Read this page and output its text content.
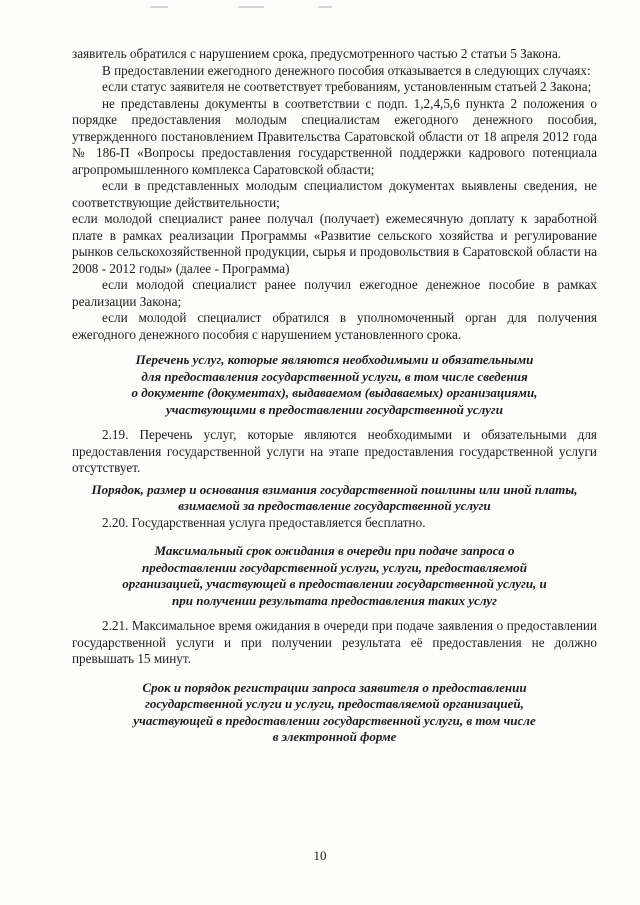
заявитель обратился с нарушением срока, предусмотренного частью 2 статьи 5 Закона.

В предоставлении ежегодного денежного пособия отказывается в следующих случаях:

если статус заявителя не соответствует требованиям, установленным статьей 2 Закона;

не представлены документы в соответствии с подп. 1,2,4,5,6 пункта 2 положения о порядке предоставления молодым специалистам ежегодного денежного пособия, утвержденного постановлением Правительства Саратовской области от 18 апреля 2012 года № 186-П «Вопросы предоставления государственной поддержки кадрового потенциала агропромышленного комплекса Саратовской области;

если в представленных молодым специалистом документах выявлены сведения, не соответствующие действительности;

если молодой специалист ранее получал (получает) ежемесячную доплату к заработной плате в рамках реализации Программы «Развитие сельского хозяйства и регулирование рынков сельскохозяйственной продукции, сырья и продовольствия в Саратовской области на 2008 - 2012 годы» (далее - Программа)

если молодой специалист ранее получил ежегодное денежное пособие в рамках реализации Закона;

если молодой специалист обратился в уполномоченный орган для получения ежегодного денежного пособия с нарушением установленного срока.

Перечень услуг, которые являются необходимыми и обязательными

для предоставления государственной услуги, в том числе сведения

о документе (документах), выдаваемом (выдаваемых) организациями,

участвующими в предоставлении государственной услуги

2.19. Перечень услуг, которые являются необходимыми и обязательными для предоставления государственной услуги на этапе предоставления государственной услуги отсутствует.

Порядок, размер и основания взимания государственной пошлины или иной платы, взимаемой за предоставление государственной услуги

2.20. Государственная услуга предоставляется бесплатно.

Максимальный срок ожидания в очереди при подаче запроса о

предоставлении государственной услуги, услуги, предоставляемой

организацией, участвующей в предоставлении государственной услуги, и

при получении результата предоставления таких услуг

2.21. Максимальное время ожидания в очереди при подаче заявления о предоставлении государственной услуги и при получении результата её предоставления не должно превышать 15 минут.

Срок и порядок регистрации запроса заявителя о предоставлении

государственной услуги и услуги, предоставляемой организацией,

участвующей в предоставлении государственной услуги, в том числе

в электронной форме

10
